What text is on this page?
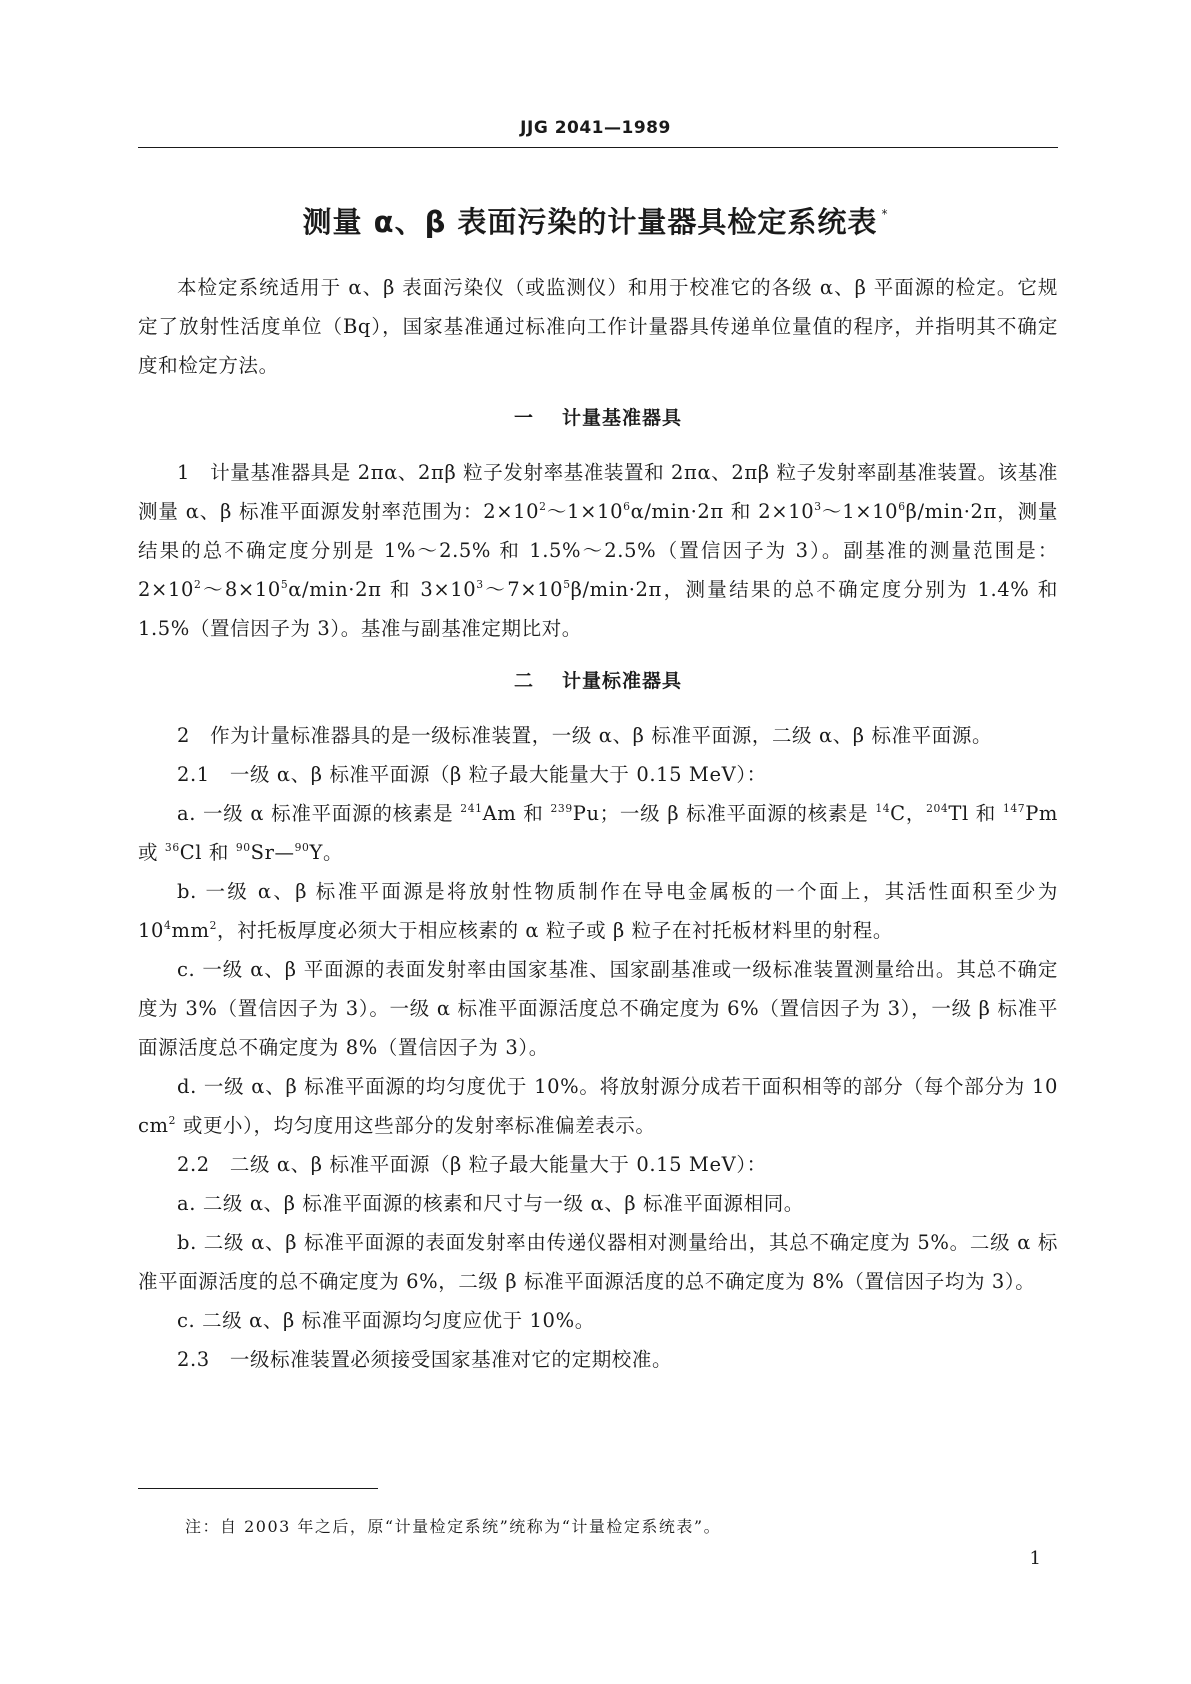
JJG 2041—1989
测量 α、β 表面污染的计量器具检定系统表 *

本检定系统适用于 α、β 表面污染仪（或监测仪）和用于校准它的各级 α、β 平面源的检定。它规定了放射性活度单位（Bq），国家基准通过标准向工作计量器具传递单位量值的程序，并指明其不确定度和检定方法。

一 计量基准器具

1　计量基准器具是 2πα、2πβ 粒子发射率基准装置和 2πα、2πβ 粒子发射率副基准装置。该基准测量 α、β 标准平面源发射率范围为：$2\times 10^2\sim 1\times 10^6\alpha/\min\cdot 2\pi$ 和 $2\times 10^3\sim 1\times 10^6\beta/\min\cdot 2\pi$，测量结果的总不确定度分别是 1%～2.5% 和 1.5%～2.5%（置信因子为 3）。副基准的测量范围是：$2\times 10^2\sim 8\times 10^5\alpha/\min\cdot 2\pi$ 和 $3\times 10^3\sim 7\times 10^5\beta/\min\cdot 2\pi$，测量结果的总不确定度分别为 1.4% 和 1.5%（置信因子为 3）。基准与副基准定期比对。

二 计量标准器具

2　作为计量标准器具的是一级标准装置，一级 α、β 标准平面源，二级 α、β 标准平面源。

2.1　一级 α、β 标准平面源（β 粒子最大能量大于 0.15 MeV）：

a. 一级 α 标准平面源的核素是 $^{241}$Am 和 $^{239}$Pu；一级 β 标准平面源的核素是 $^{14}$C，$^{204}$Tl 和 $^{147}$Pm 或 $^{36}$Cl 和 $^{90}$Sr—$^{90}$Y。

b. 一级 α、β 标准平面源是将放射性物质制作在导电金属板的一个面上，其活性面积至少为 $10^4mm^2$，衬托板厚度必须大于相应核素的 α 粒子或 β 粒子在衬托板材料里的射程。

c. 一级 α、β 平面源的表面发射率由国家基准、国家副基准或一级标准装置测量给出。其总不确定度为 3%（置信因子为 3）。一级 α 标准平面源活度总不确定度为 6%（置信因子为 3），一级 β 标准平面源活度总不确定度为 8%（置信因子为 3）。

d. 一级 α、β 标准平面源的均匀度优于 10%。将放射源分成若干面积相等的部分（每个部分为 10 $cm^2$ 或更小），均匀度用这些部分的发射率标准偏差表示。

2.2　二级 α、β 标准平面源（β 粒子最大能量大于 0.15 MeV）：

a. 二级 α、β 标准平面源的核素和尺寸与一级 α、β 标准平面源相同。

b. 二级 α、β 标准平面源的表面发射率由传递仪器相对测量给出，其总不确定度为 5%。二级 α 标准平面源活度的总不确定度为 6%，二级 β 标准平面源活度的总不确定度为 8%（置信因子均为 3）。

c. 二级 α、β 标准平面源均匀度应优于 10%。

2.3　一级标准装置必须接受国家基准对它的定期校准。

注：自 2003 年之后，原“计量检定系统”统称为“计量检定系统表”。
1
